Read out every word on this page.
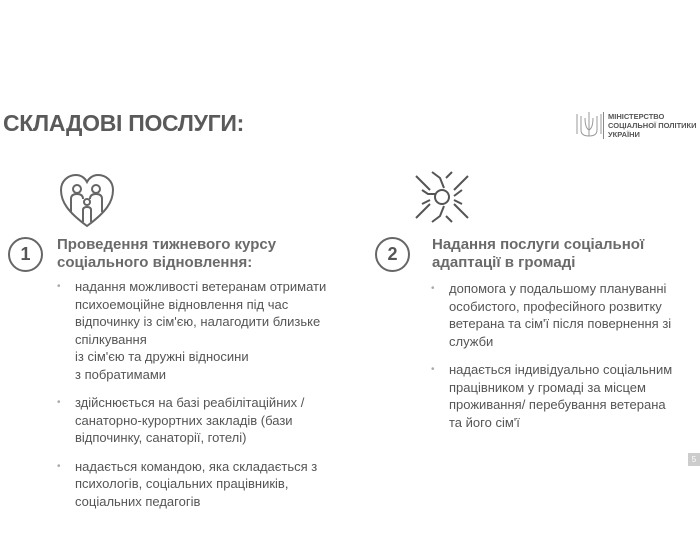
СКЛАДОВІ ПОСЛУГИ:	МІНІСТЕРСТВО
СОЦІАЛЬНОЇ ПОЛІТИКИ
УКРАЇНИ
1	Проведення тижневого курсу
соціального відновлення:
• надання можливості ветеранам отримати психоемоційне відновлення під час відпочинку із сім'єю, налагодити близьке спілкування
із сім'єю та дружні відносини
з побратимами
• здійснюється на базі реабілітаційних / санаторно-курортних закладів (бази відпочинку, санаторії, готелі)
• надається командою, яка складається з психологів, соціальних працівників, соціальних педагогів
2	Надання послуги соціальної
адаптації в громаді
• допомога у подальшому плануванні особистого, професійного розвитку ветерана та сім'ї після повернення зі служби
• надається індивідуально соціальним працівником у громаді за місцем проживання/ перебування ветерана та його сім'ї
5
